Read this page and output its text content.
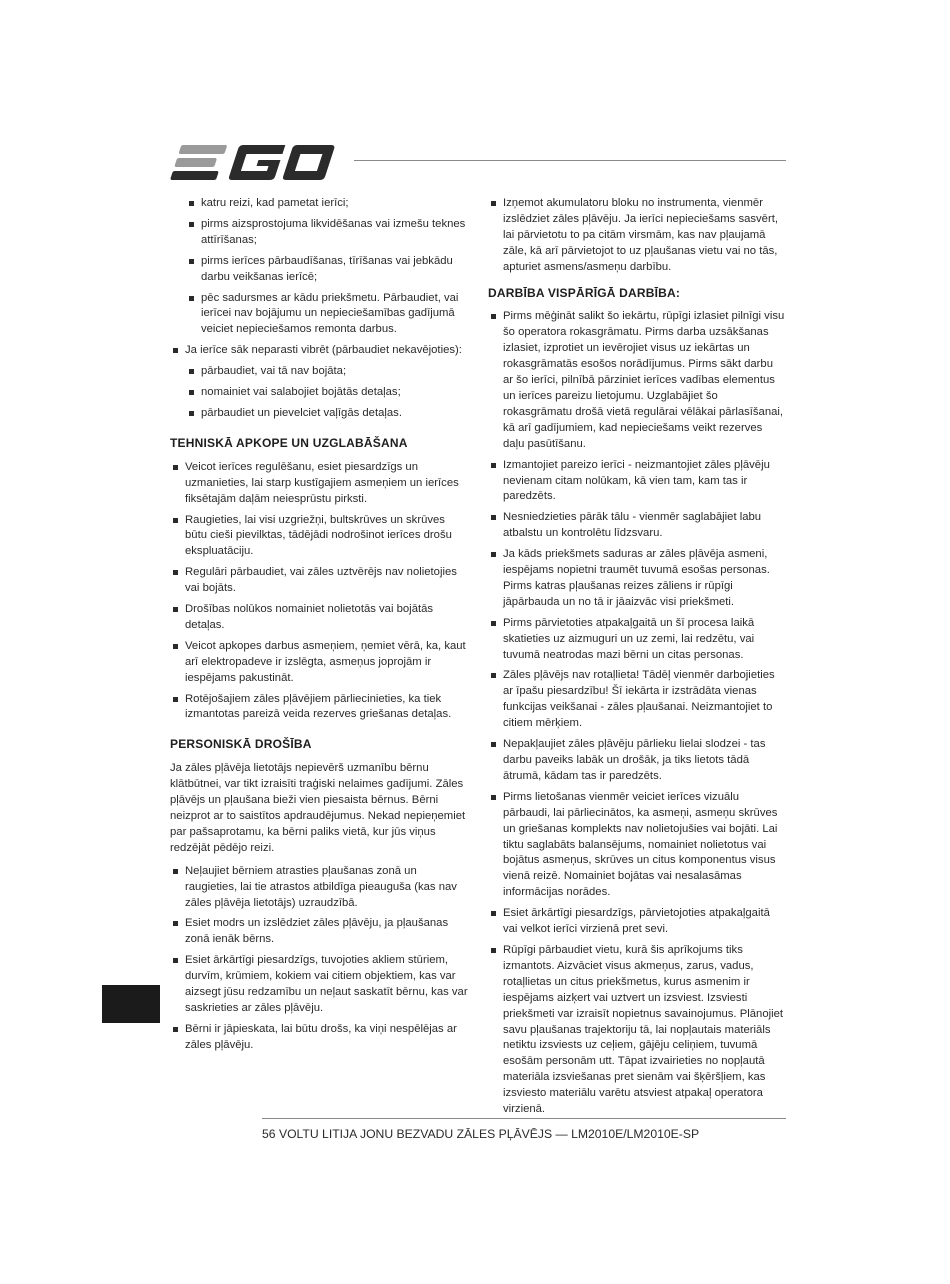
katru reizi, kad pametat ierīci;
pirms aizsprostojuma likvidēšanas vai izmešu teknes attīrīšanas;
pirms ierīces pārbaudīšanas, tīrīšanas vai jebkādu darbu veikšanas ierīcē;
pēc sadursmes ar kādu priekšmetu. Pārbaudiet, vai ierīcei nav bojājumu un nepieciešamības gadījumā veiciet nepieciešamos remonta darbus.
Ja ierīce sāk neparasti vibrēt (pārbaudiet nekavējoties):
pārbaudiet, vai tā nav bojāta;
nomainiet vai salabojiet bojātās detaļas;
pārbaudiet un pievelciet vaļīgās detaļas.
TEHNISKĀ APKOPE UN UZGLABĀŠANA
Veicot ierīces regulēšanu, esiet piesardzīgs un uzmanieties, lai starp kustīgajiem asmeņiem un ierīces fiksētajām daļām neiesprūstu pirksti.
Raugieties, lai visi uzgriežņi, bultskrūves un skrūves būtu cieši pievilktas, tādējādi nodrošinot ierīces drošu ekspluatāciju.
Regulāri pārbaudiet, vai zāles uztvērējs nav nolietojies vai bojāts.
Drošības nolūkos nomainiet nolietotās vai bojātās detaļas.
Veicot apkopes darbus asmeņiem, ņemiet vērā, ka, kaut arī elektropadeve ir izslēgta, asmeņus joprojām ir iespējams pakustināt.
Rotējošajiem zāles pļāvējiem pārliecinieties, ka tiek izmantotas pareizā veida rezerves griešanas detaļas.
PERSONISKĀ DROŠĪBA

Ja zāles pļāvēja lietotājs nepievērš uzmanību bērnu klātbūtnei, var tikt izraisīti traģiski nelaimes gadījumi. Zāles pļāvējs un pļaušana bieži vien piesaista bērnus. Bērni neizprot ar to saistītos apdraudējumus. Nekad nepieņemiet par pašsaprotamu, ka bērni paliks vietā, kur jūs viņus redzējāt pēdējo reizi.

Neļaujiet bērniem atrasties pļaušanas zonā un raugieties, lai tie atrastos atbildīga pieauguša (kas nav zāles pļāvēja lietotājs) uzraudzībā.
Esiet modrs un izslēdziet zāles pļāvēju, ja pļaušanas zonā ienāk bērns.
Esiet ārkārtīgi piesardzīgs, tuvojoties akliem stūriem, durvīm, krūmiem, kokiem vai citiem objektiem, kas var aizsegt jūsu redzamību un neļaut saskatīt bērnu, kas var saskrieties ar zāles pļāvēju.
Bērni ir jāpieskata, lai būtu drošs, ka viņi nespēlējas ar zāles pļāvēju.
Izņemot akumulatoru bloku no instrumenta, vienmēr izslēdziet zāles pļāvēju. Ja ierīci nepieciešams sasvērt, lai pārvietotu to pa citām virsmām, kas nav pļaujamā zāle, kā arī pārvietojot to uz pļaušanas vietu vai no tās, apturiet asmens/asmeņu darbību.
DARBĪBA VISPĀRĪGĀ DARBĪBA:
Pirms mēģināt salikt šo iekārtu, rūpīgi izlasiet pilnīgi visu šo operatora rokasgrāmatu. Pirms darba uzsākšanas izlasiet, izprotiet un ievērojiet visus uz iekārtas un rokasgrāmatās esošos norādījumus. Pirms sākt darbu ar šo ierīci, pilnībā pārziniet ierīces vadības elementus un ierīces pareizu lietojumu. Uzglabājiet šo rokasgrāmatu drošā vietā regulārai vēlākai pārlasīšanai, kā arī gadījumiem, kad nepieciešams veikt rezerves daļu pasūtīšanu.
Izmantojiet pareizo ierīci - neizmantojiet zāles pļāvēju nevienam citam nolūkam, kā vien tam, kam tas ir paredzēts.
Nesniedzieties pārāk tālu - vienmēr saglabājiet labu atbalstu un kontrolētu līdzsvaru.
Ja kāds priekšmets saduras ar zāles pļāvēja asmeni, iespējams nopietni traumēt tuvumā esošas personas. Pirms katras pļaušanas reizes zāliens ir rūpīgi jāpārbauda un no tā ir jāaizvāc visi priekšmeti.
Pirms pārvietoties atpakaļgaitā un šī procesa laikā skatieties uz aizmuguri un uz zemi, lai redzētu, vai tuvumā neatrodas mazi bērni un citas personas.
Zāles pļāvējs nav rotaļlieta! Tādēļ vienmēr darbojieties ar īpašu piesardzību! Šī iekārta ir izstrādāta vienas funkcijas veikšanai - zāles pļaušanai. Neizmantojiet to citiem mērķiem.
Nepakļaujiet zāles pļāvēju pārlieku lielai slodzei - tas darbu paveiks labāk un drošāk, ja tiks lietots tādā ātrumā, kādam tas ir paredzēts.
Pirms lietošanas vienmēr veiciet ierīces vizuālu pārbaudi, lai pārliecinātos, ka asmeņi, asmeņu skrūves un griešanas komplekts nav nolietojušies vai bojāti. Lai tiktu saglabāts balansējums, nomainiet nolietotus vai bojātus asmeņus, skrūves un citus komponentus visus vienā reizē. Nomainiet bojātas vai nesalasāmas informācijas norādes.
Esiet ārkārtīgi piesardzīgs, pārvietojoties atpakaļgaitā vai velkot ierīci virzienā pret sevi.
Rūpīgi pārbaudiet vietu, kurā šis aprīkojums tiks izmantots. Aizvāciet visus akmeņus, zarus, vadus, rotaļlietas un citus priekšmetus, kurus asmenim ir iespējams aizķert vai uztvert un izsviest. Izsviesti priekšmeti var izraisīt nopietnus savainojumus. Plānojiet savu pļaušanas trajektoriju tā, lai nopļautais materiāls netiktu izsviests uz ceļiem, gājēju celiņiem, tuvumā esošām personām utt. Tāpat izvairieties no nopļautā materiāla izsviešanas pret sienām vai šķēršļiem, kas izsviesto materiālu varētu atsviest atpakaļ operatora virzienā.
56 VOLTU LITIJA JONU BEZVADU ZĀLES PĻĀVĒJS — LM2010E/LM2010E-SP
